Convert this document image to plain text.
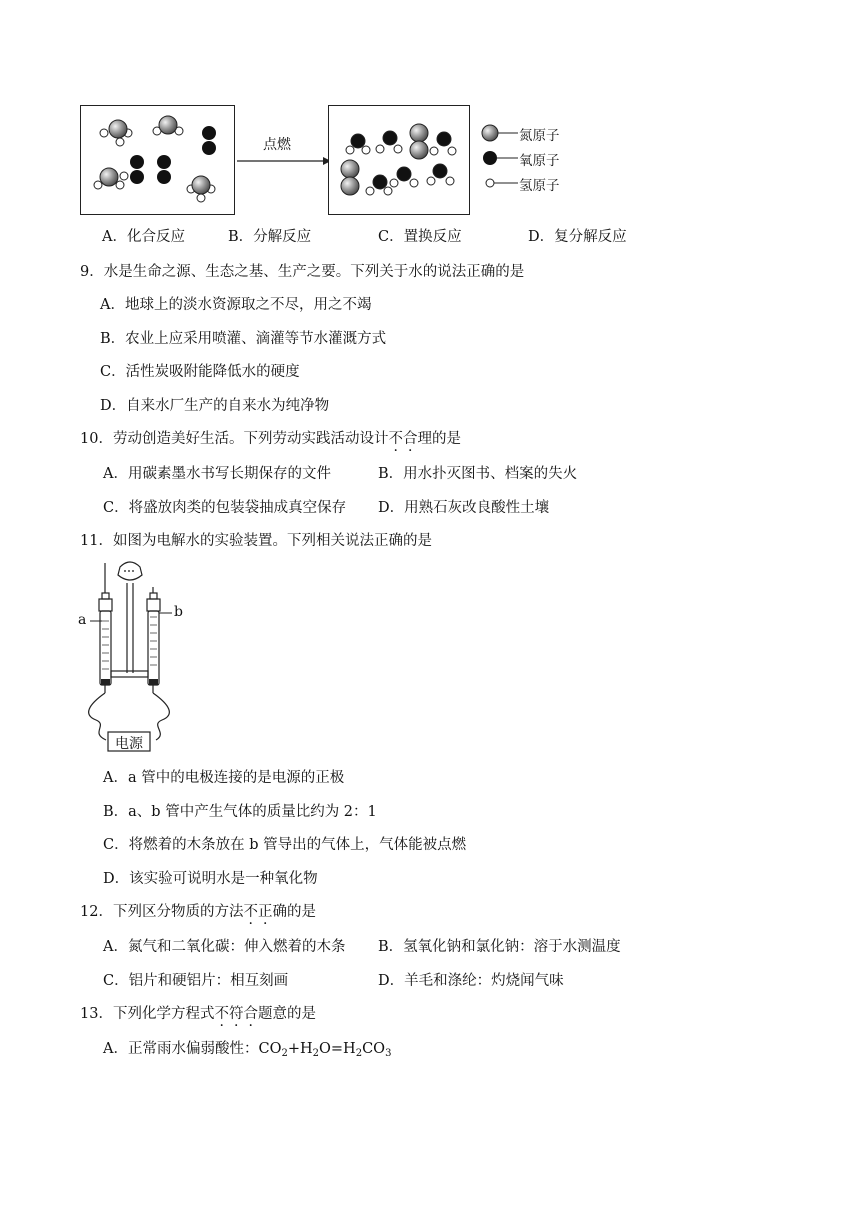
点燃
氮原子
氧原子
氢原子
A．化合反应	B．分解反应	C．置换反应	D．复分解反应
9．水是生命之源、生态之基、生产之要。下列关于水的说法正确的是
A．地球上的淡水资源取之不尽，用之不竭
B．农业上应采用喷灌、滴灌等节水灌溉方式
C．活性炭吸附能降低水的硬度
D．自来水厂生产的自来水为纯净物
10．劳动创造美好生活。下列劳动实践活动设计不合理的是
A．用碳素墨水书写长期保存的文件	B．用水扑灭图书、档案的失火
C．将盛放肉类的包装袋抽成真空保存 D．用熟石灰改良酸性土壤
11．如图为电解水的实验装置。下列相关说法正确的是
a	b
电源
A．a 管中的电极连接的是电源的正极
B．a、b 管中产生气体的质量比约为 2：1
C．将燃着的木条放在 b 管导出的气体上，气体能被点燃
D．该实验可说明水是一种氧化物
12．下列区分物质的方法不正确的是
A．氮气和二氧化碳：伸入燃着的木条 B．氢氧化钠和氯化钠：溶于水测温度
C．铝片和硬铝片：相互刻画	D．羊毛和涤纶：灼烧闻气味
13．下列化学方程式不符合题意的是
A．正常雨水偏弱酸性：$CO_2+H_2O=H_2CO_3$
